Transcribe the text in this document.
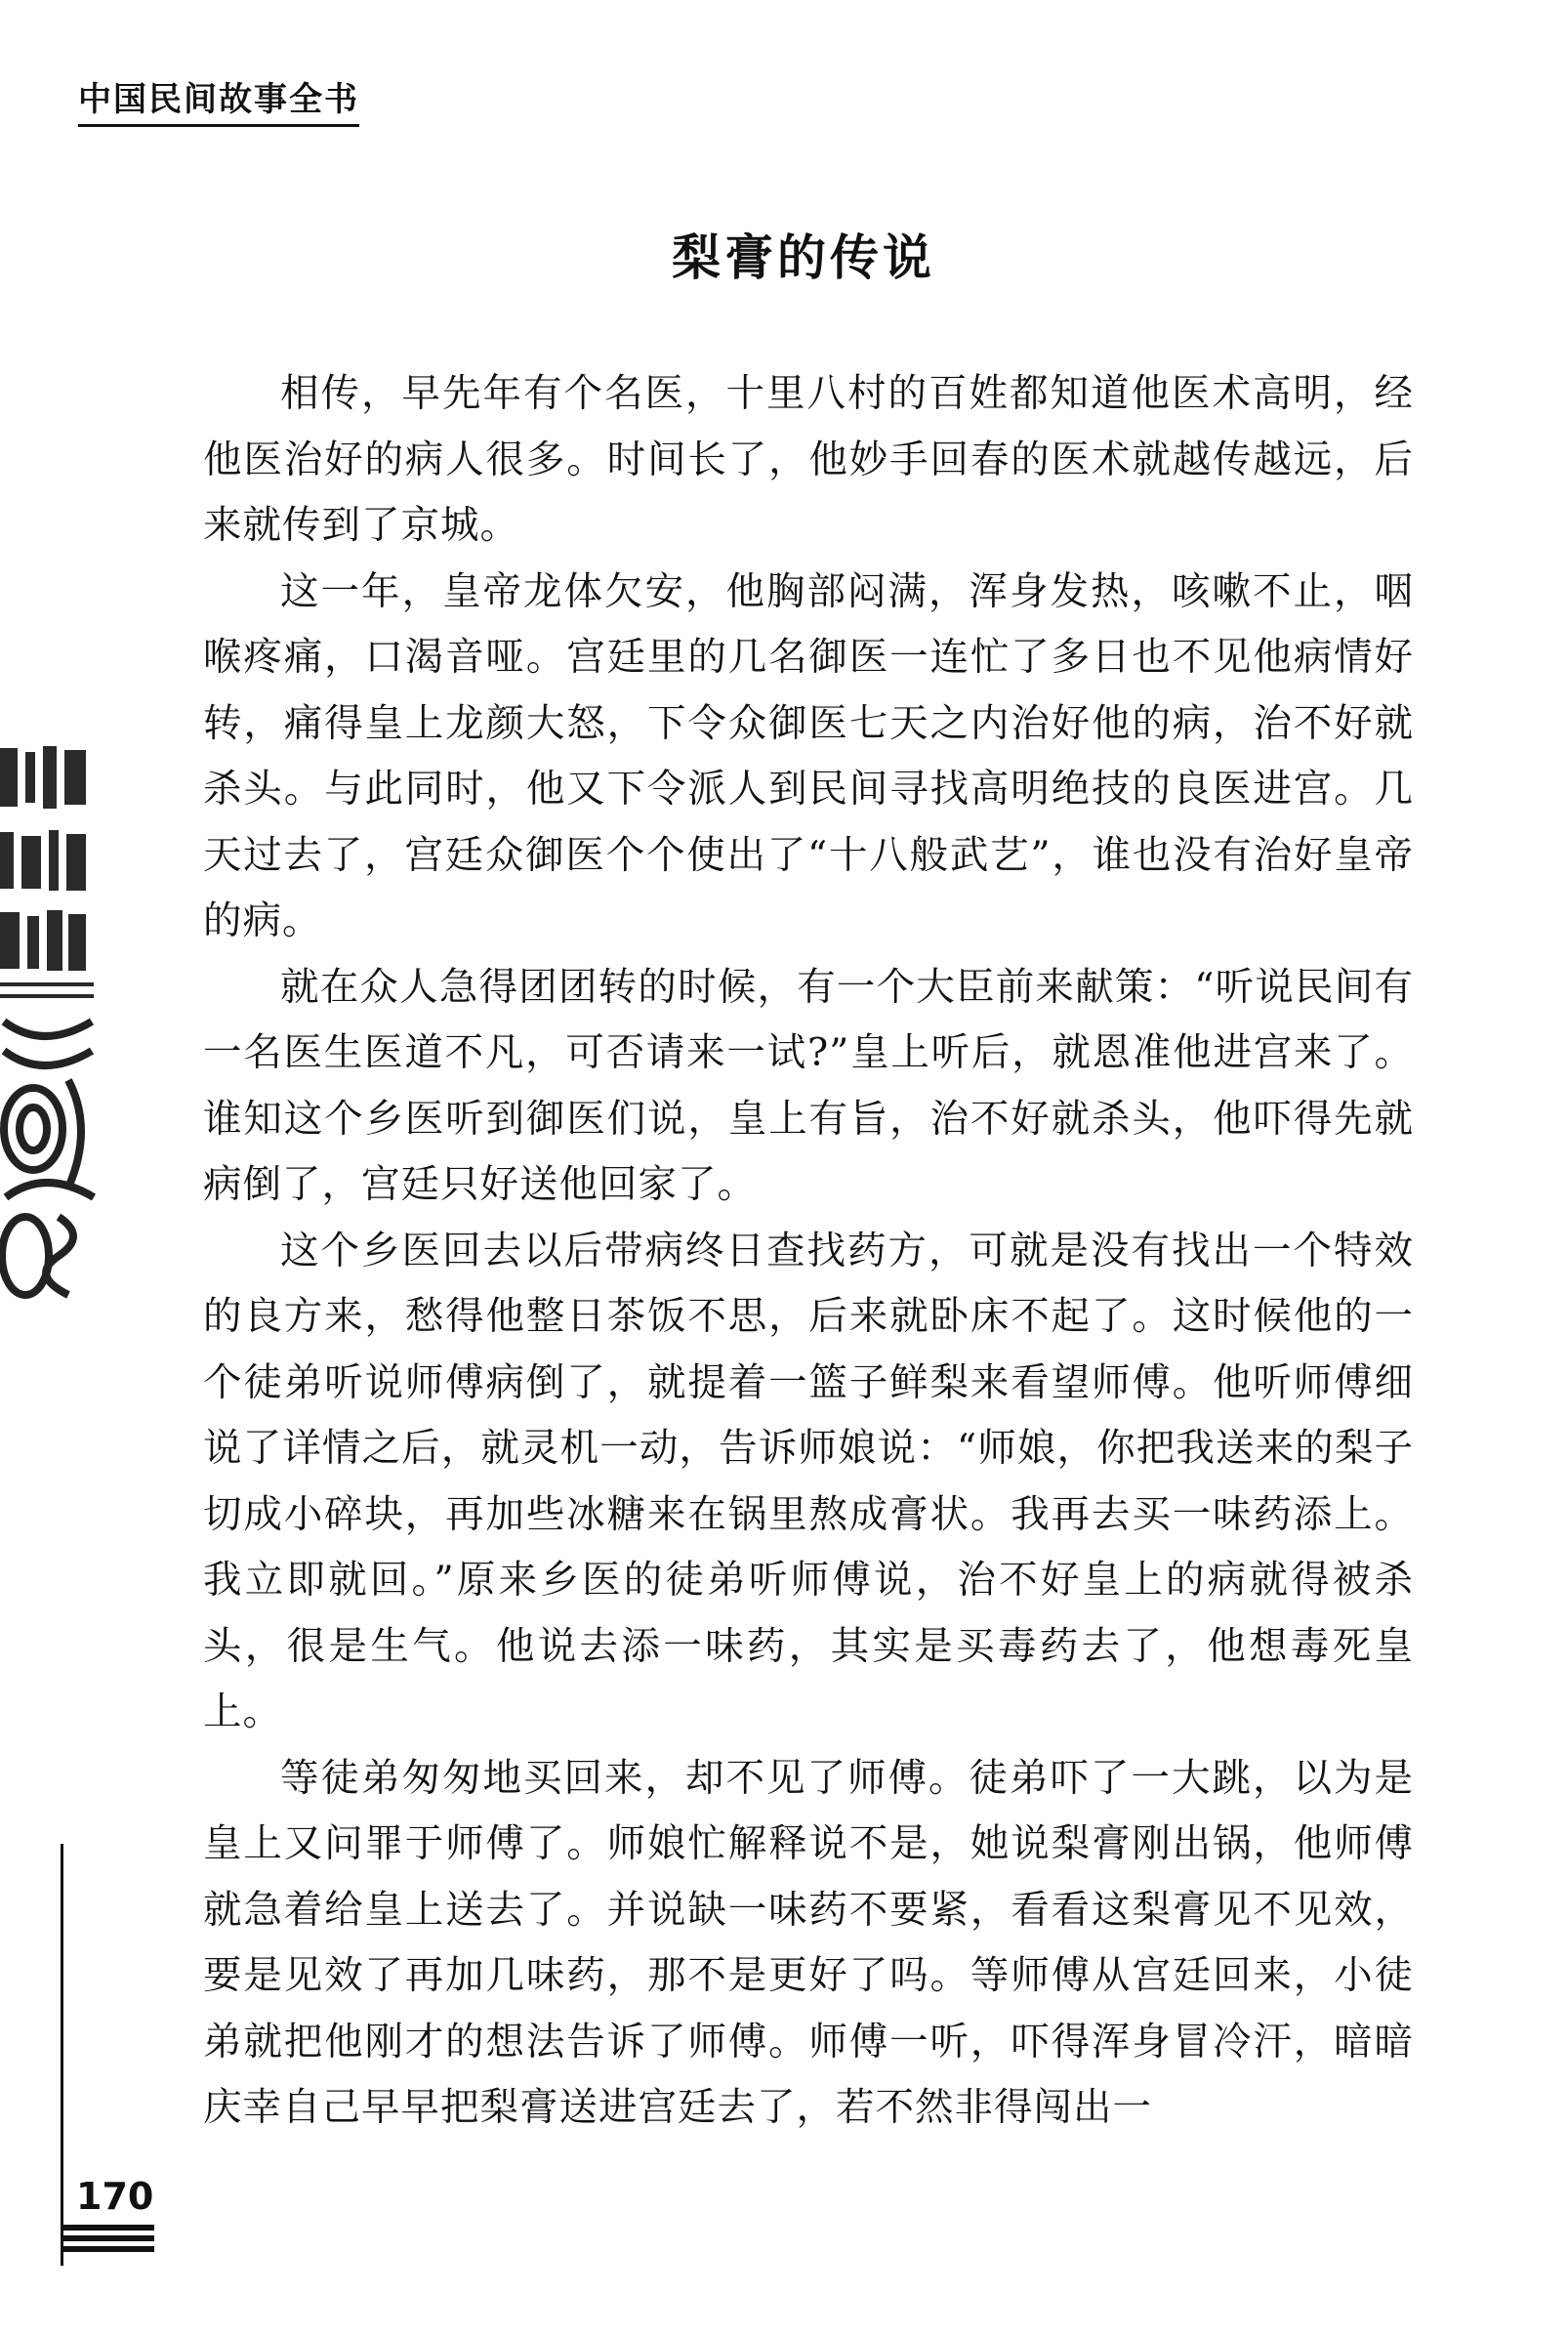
中国民间故事全书
梨膏的传说

相传，早先年有个名医，十里八村的百姓都知道他医术高明，经他医治好的病人很多。时间长了，他妙手回春的医术就越传越远，后来就传到了京城。

这一年，皇帝龙体欠安，他胸部闷满，浑身发热，咳嗽不止，咽喉疼痛，口渴音哑。宫廷里的几名御医一连忙了多日也不见他病情好转，痛得皇上龙颜大怒，下令众御医七天之内治好他的病，治不好就杀头。与此同时，他又下令派人到民间寻找高明绝技的良医进宫。几天过去了，宫廷众御医个个使出了“十八般武艺”，谁也没有治好皇帝的病。

就在众人急得团团转的时候，有一个大臣前来献策：“听说民间有一名医生医道不凡，可否请来一试?”皇上听后，就恩准他进宫来了。谁知这个乡医听到御医们说，皇上有旨，治不好就杀头，他吓得先就病倒了，宫廷只好送他回家了。

这个乡医回去以后带病终日查找药方，可就是没有找出一个特效的良方来，愁得他整日茶饭不思，后来就卧床不起了。这时候他的一个徒弟听说师傅病倒了，就提着一篮子鲜梨来看望师傅。他听师傅细说了详情之后，就灵机一动，告诉师娘说：“师娘，你把我送来的梨子切成小碎块，再加些冰糖来在锅里熬成膏状。我再去买一味药添上。我立即就回。”原来乡医的徒弟听师傅说，治不好皇上的病就得被杀头，很是生气。他说去添一味药，其实是买毒药去了，他想毒死皇上。

等徒弟匆匆地买回来，却不见了师傅。徒弟吓了一大跳，以为是皇上又问罪于师傅了。师娘忙解释说不是，她说梨膏刚出锅，他师傅就急着给皇上送去了。并说缺一味药不要紧，看看这梨膏见不见效，要是见效了再加几味药，那不是更好了吗。等师傅从宫廷回来，小徒弟就把他刚才的想法告诉了师傅。师傅一听，吓得浑身冒冷汗，暗暗庆幸自己早早把梨膏送进宫廷去了，若不然非得闯出一

170
